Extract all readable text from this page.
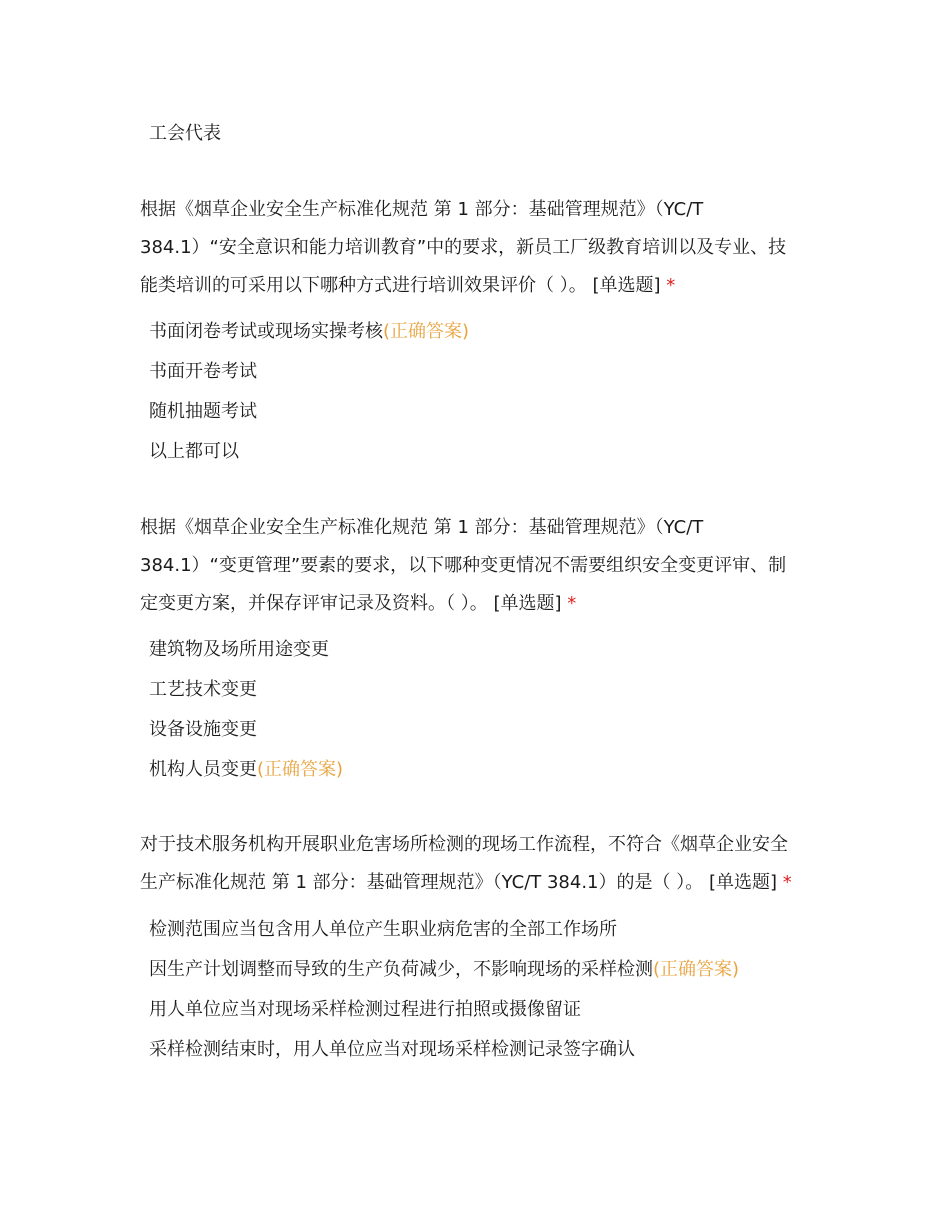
工会代表
根据《烟草企业安全生产标准化规范 第 1 部分：基础管理规范》（YC/T
384.1）“安全意识和能力培训教育”中的要求，新员工厂级教育培训以及专业、技
能类培训的可采用以下哪种方式进行培训效果评价（ ）。 [单选题] *
书面闭卷考试或现场实操考核(正确答案)
书面开卷考试
随机抽题考试
以上都可以
根据《烟草企业安全生产标准化规范 第 1 部分：基础管理规范》（YC/T
384.1）“变更管理”要素的要求，以下哪种变更情况不需要组织安全变更评审、制
定变更方案，并保存评审记录及资料。（ ）。 [单选题] *
建筑物及场所用途变更
工艺技术变更
设备设施变更
机构人员变更(正确答案)
对于技术服务机构开展职业危害场所检测的现场工作流程，不符合《烟草企业安全
生产标准化规范 第 1 部分：基础管理规范》（YC/T 384.1）的是（ ）。 [单选题] *
检测范围应当包含用人单位产生职业病危害的全部工作场所
因生产计划调整而导致的生产负荷减少，不影响现场的采样检测(正确答案)
用人单位应当对现场采样检测过程进行拍照或摄像留证
采样检测结束时，用人单位应当对现场采样检测记录签字确认
